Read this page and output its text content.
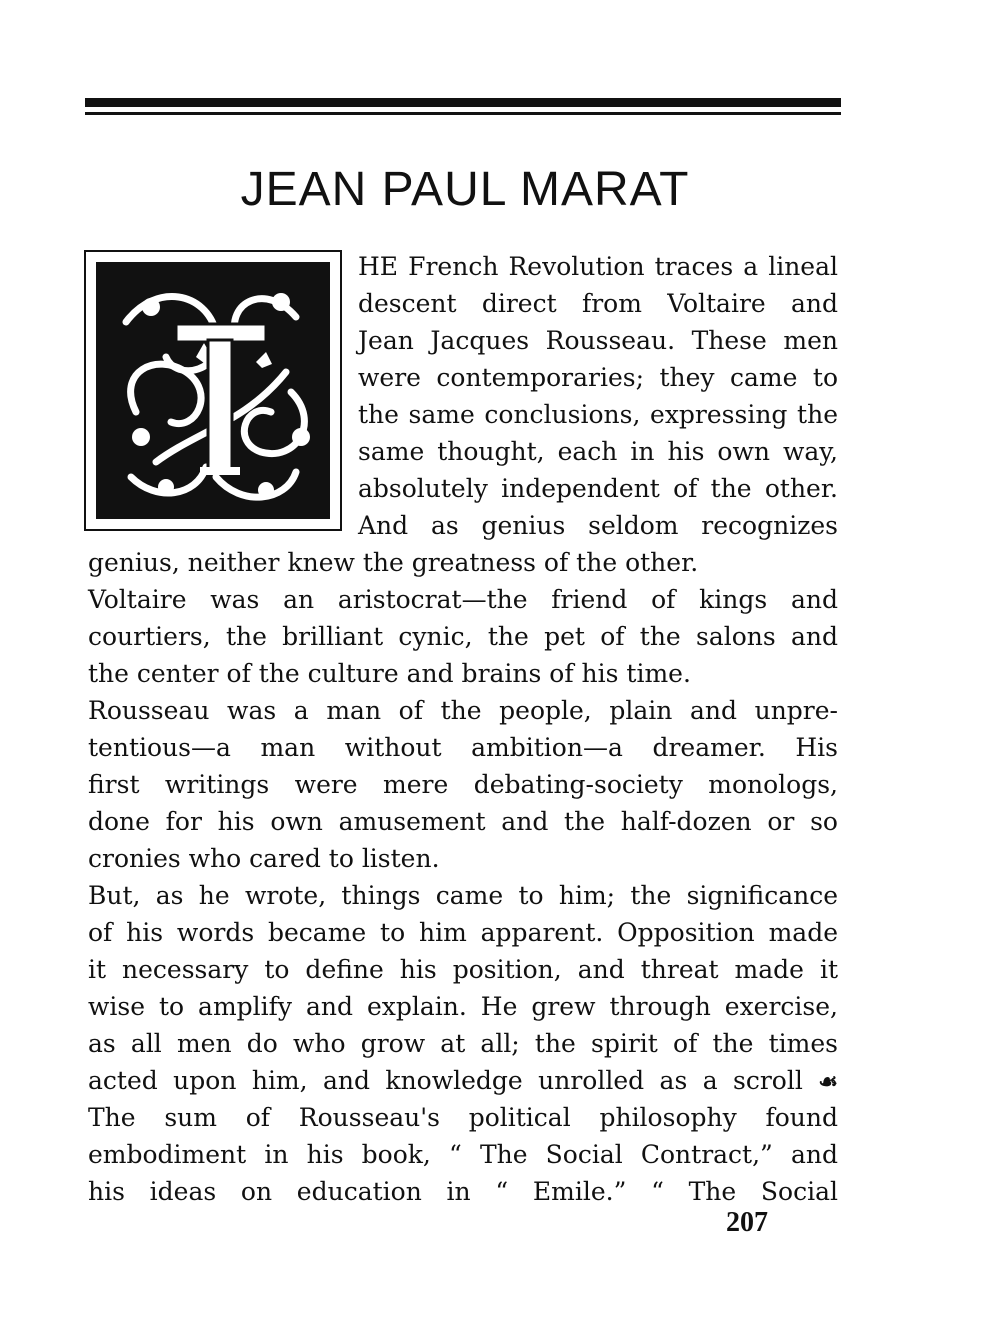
JEAN PAUL MARAT
HE French Revolution traces a lineal
descent direct from Voltaire and
Jean Jacques Rousseau. These men
were contemporaries; they came to
the same conclusions, expressing the
same thought, each in his own way,
absolutely independent of the other.
And as genius seldom recognizes
genius, neither knew the greatness of the other.
Voltaire was an aristocrat—the friend of kings and
courtiers, the brilliant cynic, the pet of the salons and
the center of the culture and brains of his time.
Rousseau was a man of the people, plain and unpre-
tentious—a man without ambition—a dreamer. His
first writings were mere debating-society monologs,
done for his own amusement and the half-dozen or so
cronies who cared to listen.
But, as he wrote, things came to him; the significance
of his words became to him apparent. Opposition made
it necessary to define his position, and threat made it
wise to amplify and explain. He grew through exercise,
as all men do who grow at all; the spirit of the times
acted upon him, and knowledge unrolled as a scroll ☙
The sum of Rousseau's political philosophy found
embodiment in his book, “ The Social Contract,” and
his ideas on education in “ Emile.” “ The Social
207
